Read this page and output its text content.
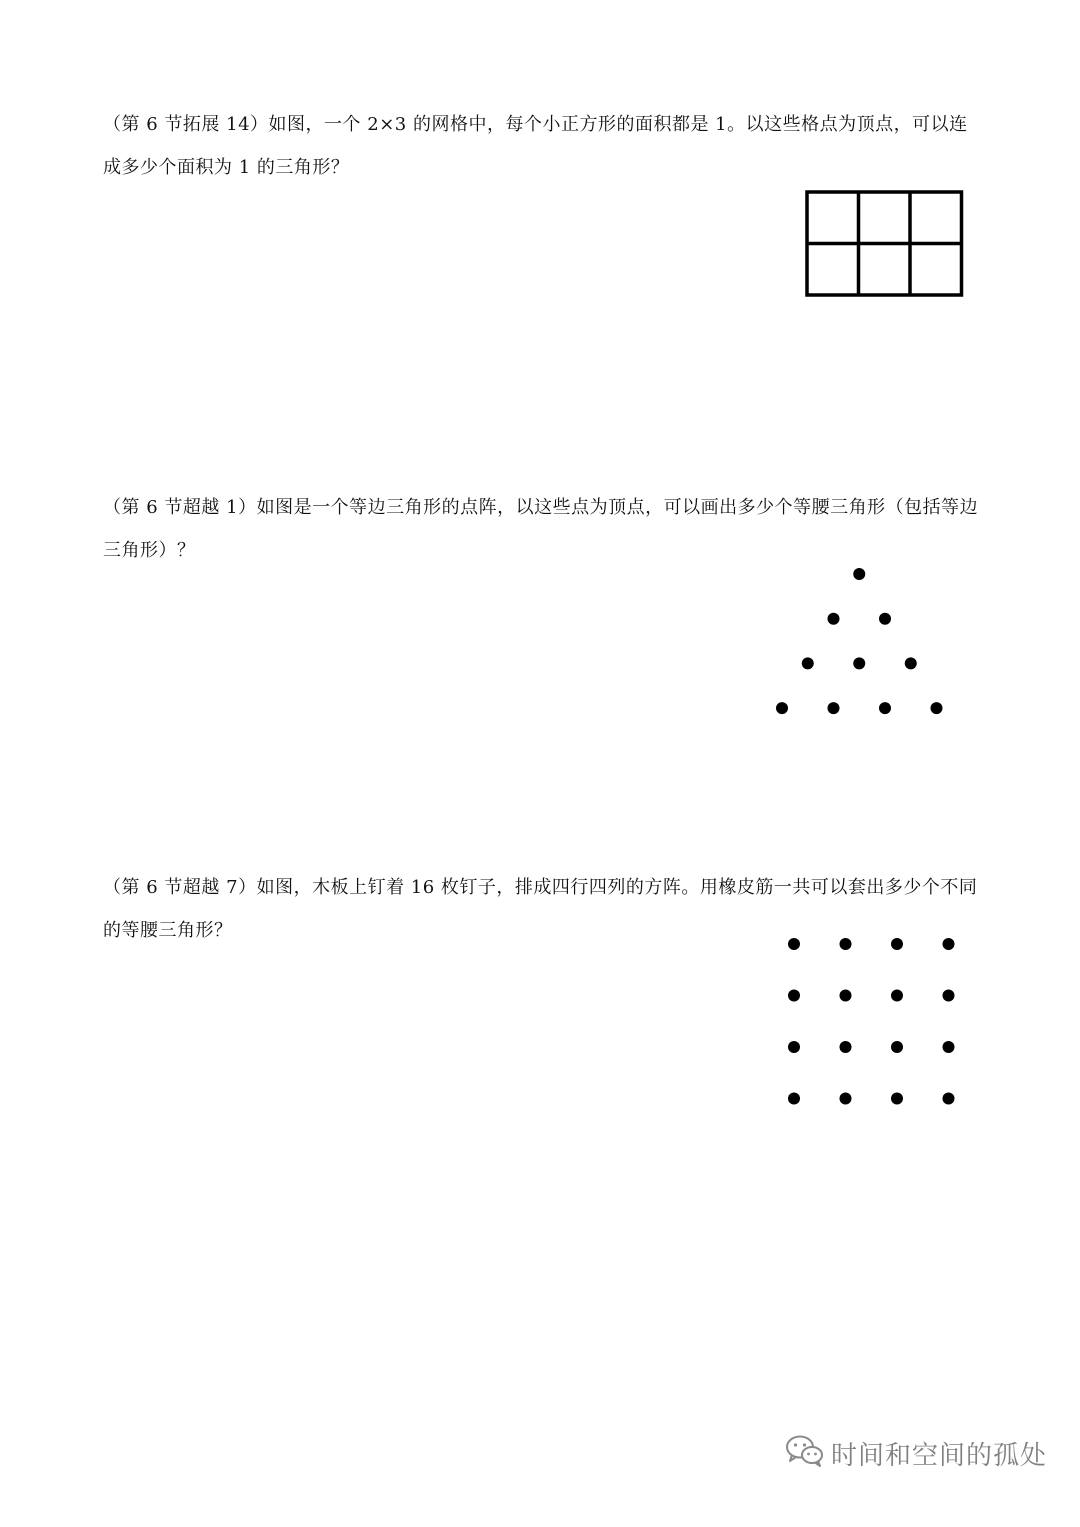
（第 6 节拓展 14）如图，一个 2×3 的网格中，每个小正方形的面积都是 1。以这些格点为顶点，可以连成多少个面积为 1 的三角形？
（第 6 节超越 1）如图是一个等边三角形的点阵，以这些点为顶点，可以画出多少个等腰三角形（包括等边三角形）？
（第 6 节超越 7）如图，木板上钉着 16 枚钉子，排成四行四列的方阵。用橡皮筋一共可以套出多少个不同的等腰三角形？
时间和空间的孤处
